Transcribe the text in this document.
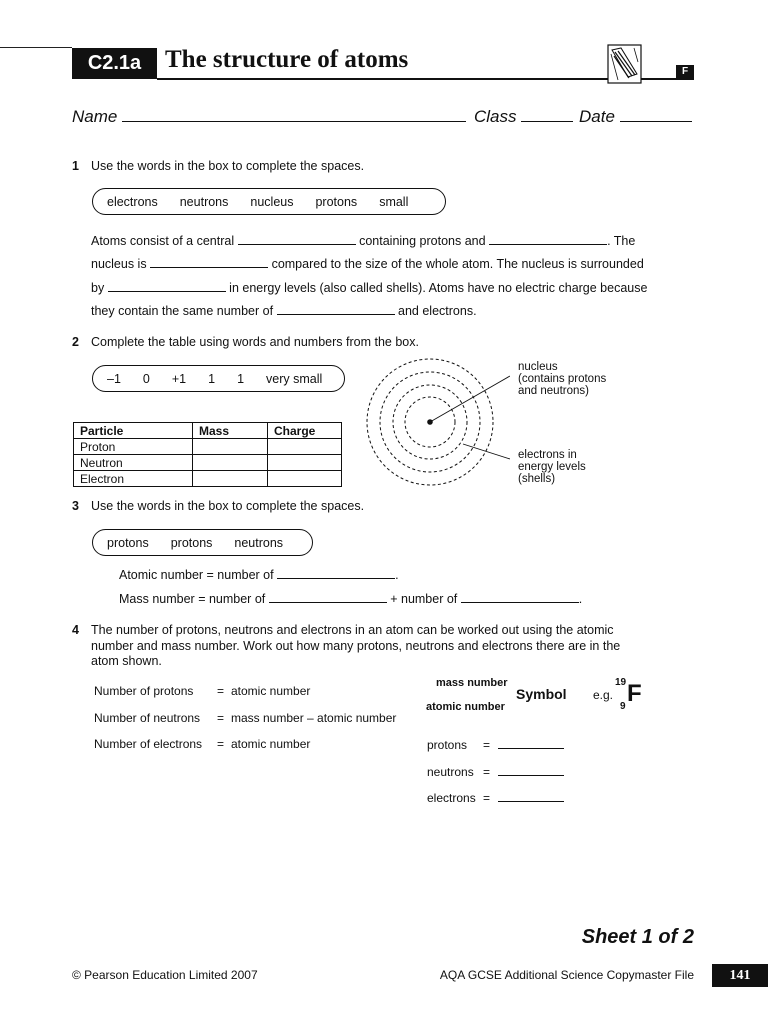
C2.1a The structure of atoms	F
Name	Class	Date
1 Use the words in the box to complete the spaces.
electrons neutrons nucleus protons small
Atoms consist of a central	containing protons and	. The
nucleus is	compared to the size of the whole atom. The nucleus is surrounded
by	in energy levels (also called shells). Atoms have no electric charge because
they contain the same number of	and electrons.
2 Complete the table using words and numbers from the box.
–1 0 +1 1 1 very small
Particle	Mass	Charge
Proton		
Neutron		
Electron		
nucleus
(contains protons
and neutrons)
electrons in
energy levels
(shells)
3 Use the words in the box to complete the spaces.
protons protons neutrons
Atomic number = number of	.
Mass number = number of	+ number of	.
4 The number of protons, neutrons and electrons in an atom can be worked out using the atomic
number and mass number. Work out how many protons, neutrons and electrons there are in the
atom shown.
Number of protons = atomic number
Number of neutrons = mass number – atomic number
Number of electrons = atomic number
mass number
atomic number
Symbol e.g.
19
9 F
protons =
neutrons =
electrons =
Sheet 1 of 2
© Pearson Education Limited 2007	AQA GCSE Additional Science Copymaster File	141
